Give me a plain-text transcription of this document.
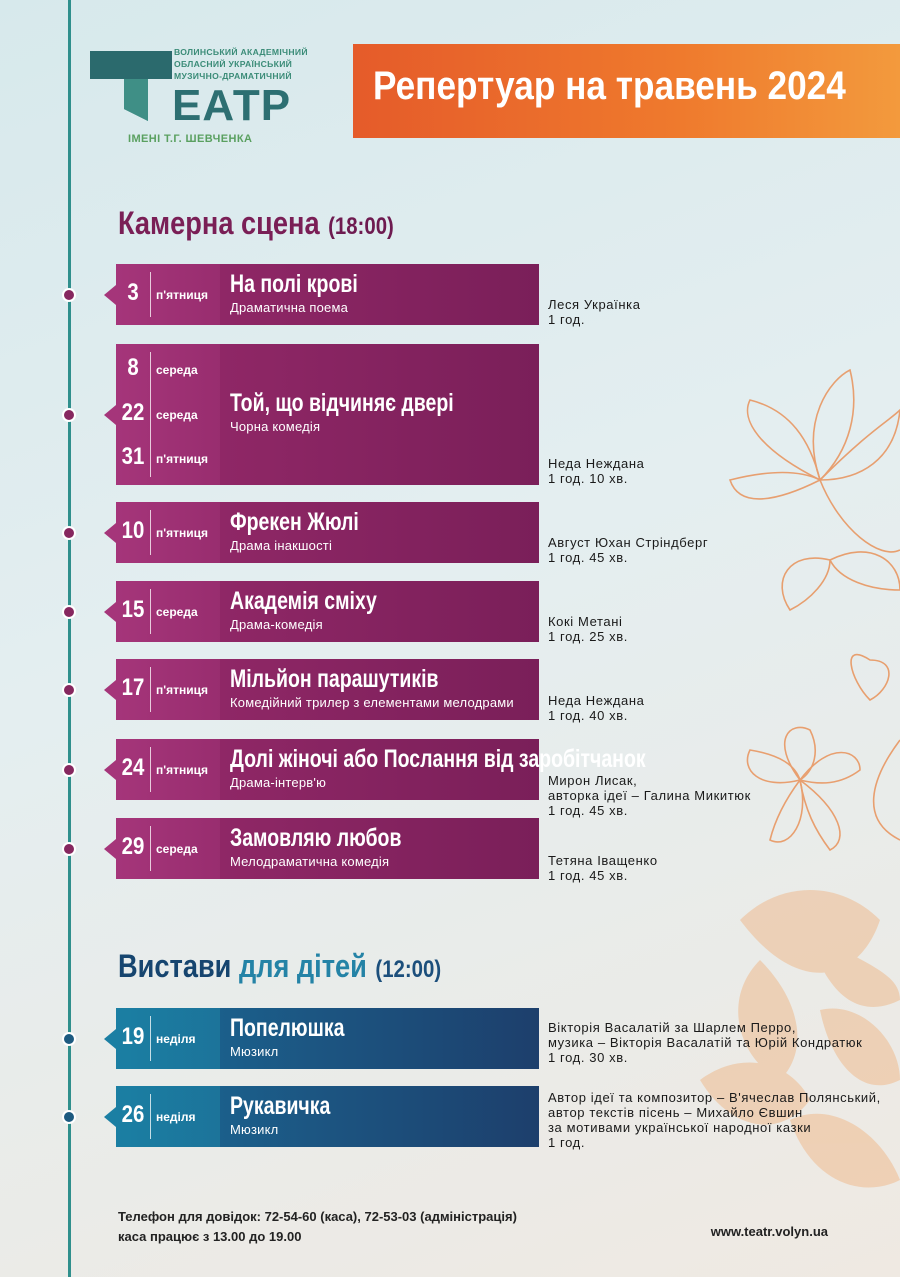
ВОЛИНСЬКИЙ АКАДЕМІЧНИЙ
ОБЛАСНИЙ УКРАЇНСЬКИЙ
МУЗИЧНО-ДРАМАТИЧНИЙ
ЕАТР
ІМЕНІ Т.Г. ШЕВЧЕНКА
Репертуар на травень 2024
Камерна сцена (18:00)
3	п'ятниця На полі крові
Драматична поема	Леся Українка
1 год.
8	середа
22 середа
31 п'ятниця
Той, що відчиняє двері
Чорна комедія
Неда Нeждана
1 год. 10 хв.
10 п'ятниця Фрекен Жюлі
Драма інакшості	Август Юхан Стріндберг
1 год. 45 хв.
15 середа Академія сміху
Драма-комедія	Кокі Метані
1 год. 25 хв.
17 п'ятниця Мільйон парашутиків
Комедійний трилер з елементами мелодрами	Неда Нeждана
1 год. 40 хв.
24 п'ятниця Долі жіночі або Послання від заробітчанок
Драма-інтерв'ю	Мирон Лисак,
авторка ідеї – Галина Микитюк
1 год. 45 хв.
29 середа Замовляю любов
Мелодраматична комедія	Тетяна Іващенко
1 год. 45 хв.
19 неділя Попелюшка
Мюзикл
Вікторія Васалатій за Шарлем Перро,
музика – Вікторія Васалатій та Юрій Кондратюк
1 год. 30 хв.
26 неділя Рукавичка
Мюзикл
Автор ідеї та композитор – В'ячеслав Полянський,
автор текстів пісень – Михайло Євшин
за мотивами української народної казки
1 год.
Вистави для дітей (12:00)
Телефон для довідок: 72-54-60 (каса), 72-53-03 (адміністрація)
каса працює з 13.00 до 19.00	www.teatr.volyn.ua
